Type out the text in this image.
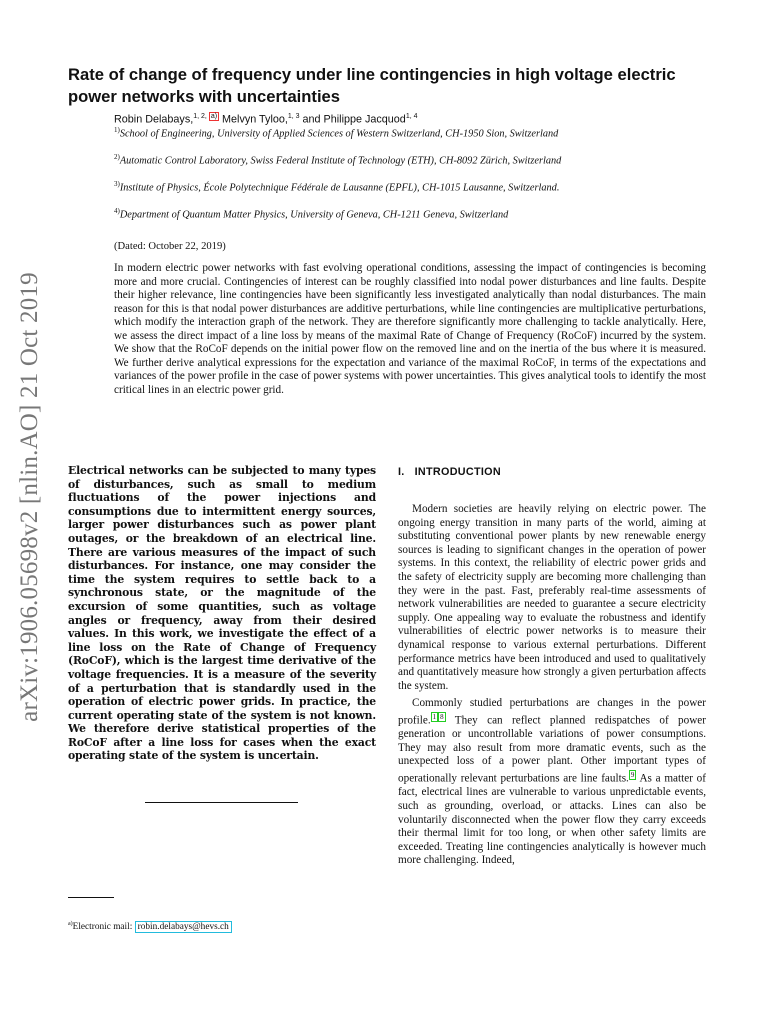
arXiv:1906.05698v2 [nlin.AO] 21 Oct 2019
Rate of change of frequency under line contingencies in high voltage electric power networks with uncertainties
Robin Delabays,$^{1, 2,}$ $^{a)}$ Melvyn Tyloo,$^{1, 3}$ and Philippe Jacquod$^{1, 4}$
$^{1)}$School of Engineering, University of Applied Sciences of Western Switzerland, CH-1950 Sion, Switzerland
$^{2)}$Automatic Control Laboratory, Swiss Federal Institute of Technology (ETH), CH-8092 Zürich, Switzerland
$^{3)}$Institute of Physics, École Polytechnique Fédérale de Lausanne (EPFL), CH-1015 Lausanne, Switzerland.
$^{4)}$Department of Quantum Matter Physics, University of Geneva, CH-1211 Geneva, Switzerland
(Dated: October 22, 2019)

In modern electric power networks with fast evolving operational conditions, assessing the impact of contingencies is becoming more and more crucial. Contingencies of interest can be roughly classified into nodal power disturbances and line faults. Despite their higher relevance, line contingencies have been significantly less investigated analytically than nodal disturbances. The main reason for this is that nodal power disturbances are additive perturbations, while line contingencies are multiplicative perturbations, which modify the interaction graph of the network. They are therefore significantly more challenging to tackle analytically. Here, we assess the direct impact of a line loss by means of the maximal Rate of Change of Frequency (RoCoF) incurred by the system. We show that the RoCoF depends on the initial power flow on the removed line and on the inertia of the bus where it is measured. We further derive analytical expressions for the expectation and variance of the maximal RoCoF, in terms of the expectations and variances of the power profile in the case of power systems with power uncertainties. This gives analytical tools to identify the most critical lines in an electric power grid.

Electrical networks can be subjected to many types of disturbances, such as small to medium fluctuations of the power injections and consumptions due to intermittent energy sources, larger power disturbances such as power plant outages, or the breakdown of an electrical line. There are various measures of the impact of such disturbances. For instance, one may consider the time the system requires to settle back to a synchronous state, or the magnitude of the excursion of some quantities, such as voltage angles or frequency, away from their desired values. In this work, we investigate the effect of a line loss on the Rate of Change of Frequency (RoCoF), which is the largest time derivative of the voltage frequencies. It is a measure of the severity of a perturbation that is standardly used in the operation of electric power grids. In practice, the current operating state of the system is not known. We therefore derive statistical properties of the RoCoF after a line loss for cases when the exact operating state of the system is uncertain.

$^{a)}$Electronic mail: robin.delabays@hevs.ch
I. INTRODUCTION

Modern societies are heavily relying on electric power. The ongoing energy transition in many parts of the world, aiming at substituting conventional power plants by new renewable energy sources is leading to significant changes in the operation of power systems. In this context, the reliability of electric power grids and the safety of electricity supply are becoming more challenging than they were in the past. Fast, preferably real-time assessments of network vulnerabilities are needed to guarantee a secure electricity supply. One appealing way to evaluate the robustness and identify vulnerabilities of electric power networks is to measure their dynamical response to various external perturbations. Different performance metrics have been introduced and used to qualitatively and quantitatively measure how strongly a given perturbation affects the system.

Commonly studied perturbations are changes in the power profile. $^1$ $^8$ They can reflect planned redispatches of power generation or uncontrollable variations of power consumptions. They may also result from more dramatic events, such as the unexpected loss of a power plant. Other important types of operationally relevant perturbations are line faults. $^9$ As a matter of fact, electrical lines are vulnerable to various unpredictable events, such as grounding, overload, or attacks. Lines can also be voluntarily disconnected when the power flow they carry exceeds their thermal limit for too long, or when other safety limits are exceeded. Treating line contingencies analytically is however much more challenging. Indeed,
